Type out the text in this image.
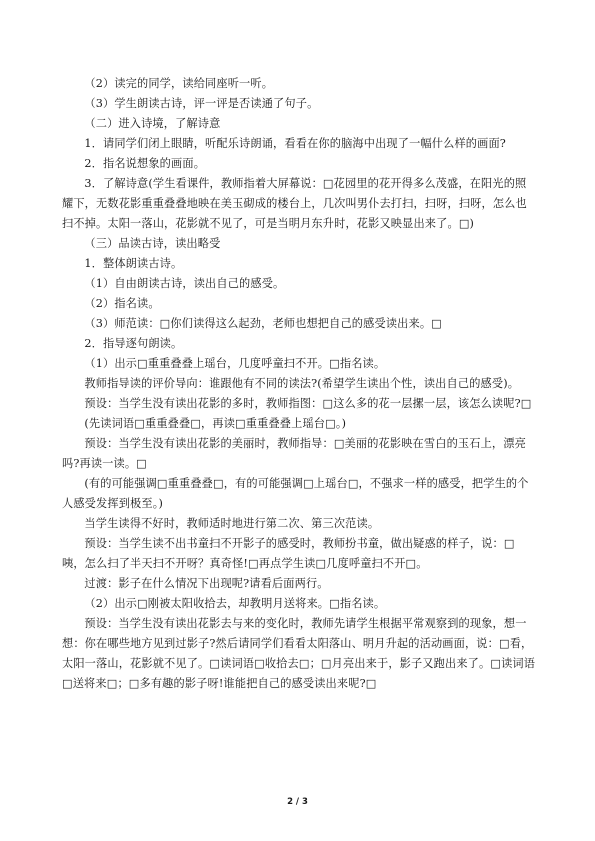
（2）读完的同学，读给同座听一听。

（3）学生朗读古诗，评一评是否读通了句子。

（二）进入诗境，了解诗意

1．请同学们闭上眼睛，听配乐诗朗诵，看看在你的脑海中出现了一幅什么样的画面?

2．指名说想象的画面。

3．了解诗意(学生看课件，教师指着大屏幕说：□花园里的花开得多么茂盛，在阳光的照耀下，无数花影重重叠叠地映在美玉砌成的楼台上，几次叫男仆去打扫，扫呀，扫呀，怎么也扫不掉。太阳一落山，花影就不见了，可是当明月东升时，花影又映显出来了。□)

（三）品读古诗，读出略受

1．整体朗读古诗。

（1）自由朗读古诗，读出自己的感受。

（2）指名读。

（3）师范读：□你们读得这么起劲，老师也想把自己的感受读出来。□

2．指导逐句朗读。

（1）出示□重重叠叠上瑶台，几度呼童扫不开。□指名读。

教师指导读的评价导向：谁跟他有不同的读法?(希望学生读出个性，读出自己的感受)。

预设：当学生没有读出花影的多时，教师指图：□这么多的花一层摞一层，该怎么读呢?□

(先读词语□重重叠叠□，再读□重重叠叠上瑶台□。)

预设：当学生没有读出花影的美丽时，教师指导：□美丽的花影映在雪白的玉石上，漂亮吗?再读一读。□

(有的可能强调□重重叠叠□，有的可能强调□上瑶台□，不强求一样的感受，把学生的个人感受发挥到极至。)

当学生读得不好时，教师适时地进行第二次、第三次范读。

预设：当学生读不出书童扫不开影子的感受时，教师扮书童，做出疑惑的样子，说：□咦，怎么扫了半天扫不开呀？真奇怪!□再点学生读□几度呼童扫不开□。

过渡：影子在什么情况下出现呢?请看后面两行。

（2）出示□刚被太阳收拾去，却教明月送将来。□指名读。

预设：当学生没有读出花影去与来的变化时，教师先请学生根据平常观察到的现象，想一想：你在哪些地方见到过影子?然后请同学们看看太阳落山、明月升起的活动画面，说：□看，太阳一落山，花影就不见了。□读词语□收拾去□；□月亮出来于，影子又跑出来了。□读词语□送将来□；□多有趣的影子呀!谁能把自己的感受读出来呢?□

2 / 3
